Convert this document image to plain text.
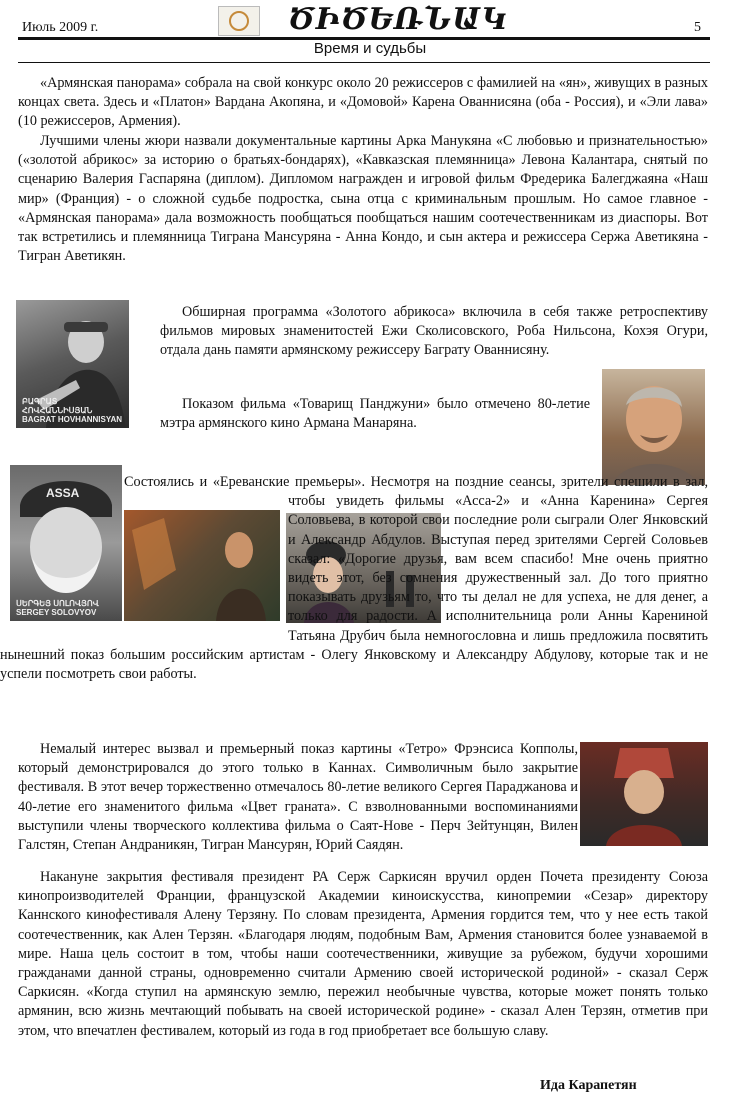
Июль 2009 г.	ԾԻԾԵՌՆԱԿ	5
Время и судьбы

«Армянская панорама» собрала на свой конкурс около 20 режиссеров с фамилией на «ян», живущих в разных концах света. Здесь и «Платон» Вардана Акопяна, и «Домовой» Карена Ованнисяна (оба - Россия), и «Эли лава» (10 режиссеров, Армения).

Лучшими члены жюри назвали документальные картины Арка Манукяна «С любовью и признательностью» («золотой абрикос» за историю о братьях-бондарях), «Кавказская племянница» Левона Калантара, снятый по сценарию Валерия Гаспаряна (диплом). Дипломом награжден и игровой фильм Фредерика Балегджаяна «Наш мир» (Франция) - о сложной судьбе подростка, сына отца с криминальным прошлым. Но самое главное - «Армянская панорама» дала возможность пообщаться пообщаться нашим соотечественникам из диаспоры. Вот так встретились и племянница Тиграна Мансуряна - Анна Кондо, и сын актера и режиссера Сержа Аветикяна - Тигран Аветикян.

ԲԱԳՐԱՏ ՀՈՎՀԱՆՆԻՍՅԱՆ
BAGRAT HOVHANNISYAN

Обширная программа «Золотого абрикоса» включила в себя также ретроспективу фильмов мировых знаменитостей Ежи Сколисовского, Роба Нильсона, Кохэя Огури, отдала дань памяти армянскому режиссеру Баграту Ованнисяну.

Показом фильма «Товарищ Панджуни» было отмечено 80-летие мэтра армянского кино Армана Манаряна.

ASSA
ՍԵՐԳԵՅ ՍՈԼՈՎՅՈՎ
SERGEY SOLOVYOV
Состоялись и «Ереванские премьеры». Несмотря на поздние сеансы, зрители спешили в зал, чтобы увидеть фильмы «Асса-2» и «Анна Каренина» Сергея Соловьева, в которой свои последние роли сыграли Олег Янковский и Александр Абдулов. Выступая перед зрителями Сергей Соловьев сказал: «Дорогие друзья, вам всем спасибо! Мне очень приятно видеть этот, без сомнения дружественный зал. До того приятно показывать друзьям то, что ты делал не для успеха, не для денег, а только для радости. А исполнительница роли Анны Карениной Татьяна Друбич была немногословна и лишь предложила посвятить нынешний показ большим российским артистам - Олегу Янковскому и Александру Абдулову, которые так и не успели посмотреть свои работы.

Немалый интерес вызвал и премьерный показ картины «Тетро» Фрэнсиса Копполы, который демонстрировался до этого только в Каннах. Символичным было закрытие фестиваля. В этот вечер торжественно отмечалось 80-летие великого Сергея Параджанова и 40-летие его знаменитого фильма «Цвет граната». С взволнованными воспоминаниями выступили члены творческого коллектива фильма о Саят-Нове - Перч Зейтунцян, Вилен Галстян, Степан Андраникян, Тигран Мансурян, Юрий Саядян.

Накануне закрытия фестиваля президент РА Серж Саркисян вручил орден Почета президенту Союза кинопроизводителей Франции, французской Академии киноискусства, кинопремии «Сезар» директору Каннского кинофестиваля Алену Терзяну. По словам президента, Армения гордится тем, что у нее есть такой соотечественник, как Ален Терзян. «Благодаря людям, подобным Вам, Армения становится более узнаваемой в мире. Наша цель состоит в том, чтобы наши соотечественники, живущие за рубежом, будучи хорошими гражданами данной страны, одновременно считали Армению своей исторической родиной» - сказал Серж Саркисян. «Когда ступил на армянскую землю, пережил необычные чувства, которые может понять только армянин, всю жизнь мечтающий побывать на своей исторической родине» - сказал Ален Терзян, отметив при этом, что впечатлен фестивалем, который из года в год приобретает все большую славу.

Ида Карапетян
